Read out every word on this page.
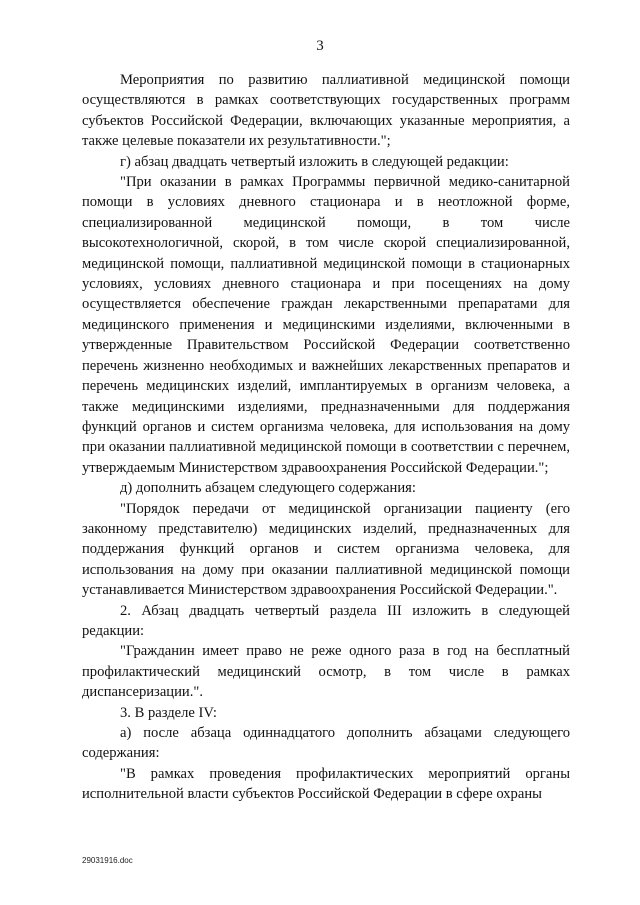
3

Мероприятия по развитию паллиативной медицинской помощи осуществляются в рамках соответствующих государственных программ субъектов Российской Федерации, включающих указанные мероприятия, а также целевые показатели их результативности.";

г) абзац двадцать четвертый изложить в следующей редакции:

"При оказании в рамках Программы первичной медико-санитарной помощи в условиях дневного стационара и в неотложной форме, специализированной медицинской помощи, в том числе высокотехнологичной, скорой, в том числе скорой специализированной, медицинской помощи, паллиативной медицинской помощи в стационарных условиях, условиях дневного стационара и при посещениях на дому осуществляется обеспечение граждан лекарственными препаратами для медицинского применения и медицинскими изделиями, включенными в утвержденные Правительством Российской Федерации соответственно перечень жизненно необходимых и важнейших лекарственных препаратов и перечень медицинских изделий, имплантируемых в организм человека, а также медицинскими изделиями, предназначенными для поддержания функций органов и систем организма человека, для использования на дому при оказании паллиативной медицинской помощи в соответствии с перечнем, утверждаемым Министерством здравоохранения Российской Федерации.";

д) дополнить абзацем следующего содержания:

"Порядок передачи от медицинской организации пациенту (его законному представителю) медицинских изделий, предназначенных для поддержания функций органов и систем организма человека, для использования на дому при оказании паллиативной медицинской помощи устанавливается Министерством здравоохранения Российской Федерации.".

2. Абзац двадцать четвертый раздела III изложить в следующей редакции:

"Гражданин имеет право не реже одного раза в год на бесплатный профилактический медицинский осмотр, в том числе в рамках диспансеризации.".

3. В разделе IV:

а) после абзаца одиннадцатого дополнить абзацами следующего содержания:

"В рамках проведения профилактических мероприятий органы исполнительной власти субъектов Российской Федерации в сфере охраны

29031916.doc
